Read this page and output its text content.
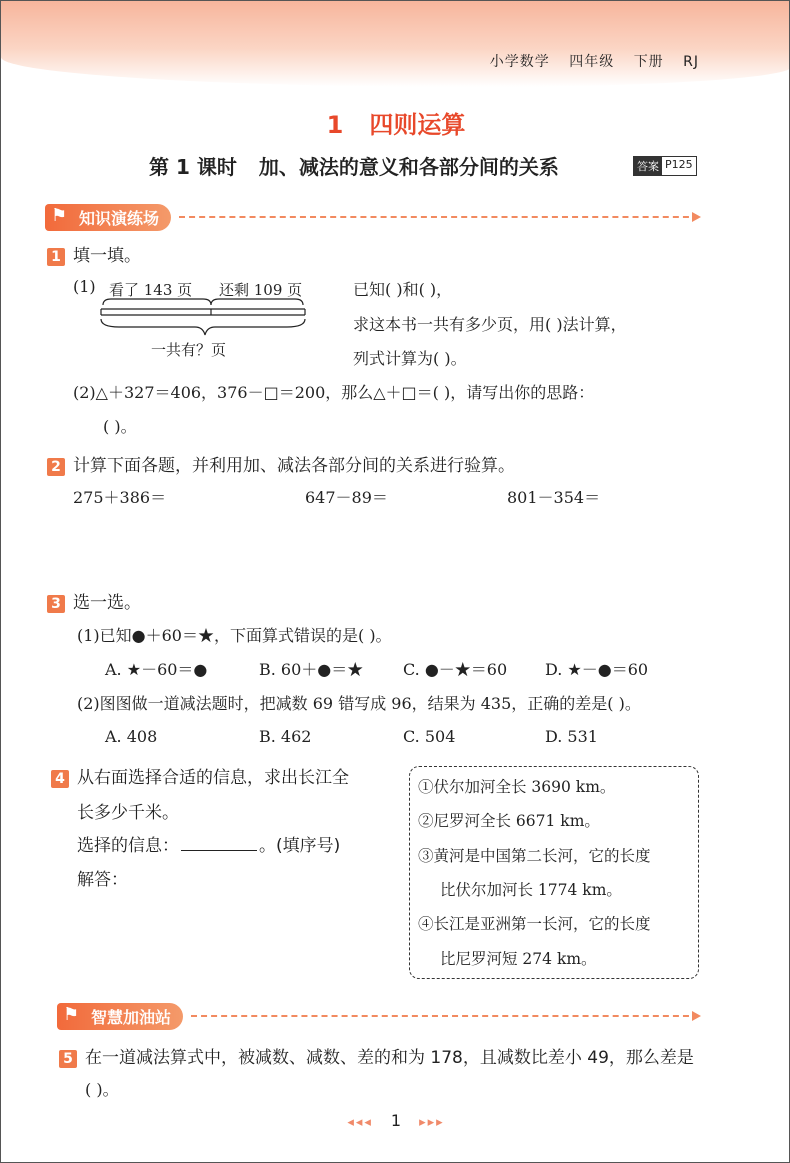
小学数学 四年级 下册 RJ
1 四则运算
第 1 课时 加、减法的意义和各部分间的关系	答案 P125
⚑ 知识演练场
1 填一填。
(1) 看了 143 页 还剩 109 页
一共有？页
已知( )和( )，
求这本书一共有多少页，用( )法计算，
列式计算为( )。
(2)△＋327＝406，376－□＝200，那么△＋□＝( )，请写出你的思路：
( )。
2 计算下面各题，并利用加、减法各部分间的关系进行验算。
275＋386＝	647－89＝	801－354＝
3 选一选。
(1)已知●＋60＝★，下面算式错误的是( )。
A. ★－60＝●	B. 60＋●＝★ C. ●－★＝60 D. ★－●＝60
(2)图图做一道减法题时，把减数 69 错写成 96，结果为 435，正确的差是( )。
A. 408	B. 462	C. 504	D. 531
4 从右面选择合适的信息，求出长江全
长多少千米。
选择的信息：	。(填序号)
解答：
①伏尔加河全长 3690 km。
②尼罗河全长 6671 km。
③黄河是中国第二长河，它的长度
比伏尔加河长 1774 km。
④长江是亚洲第一长河，它的长度
比尼罗河短 274 km。
⚑ 智慧加油站
5 在一道减法算式中，被减数、减数、差的和为 178，且减数比差小 49，那么差是
( )。
◂◂◂ 1 ▸▸▸
